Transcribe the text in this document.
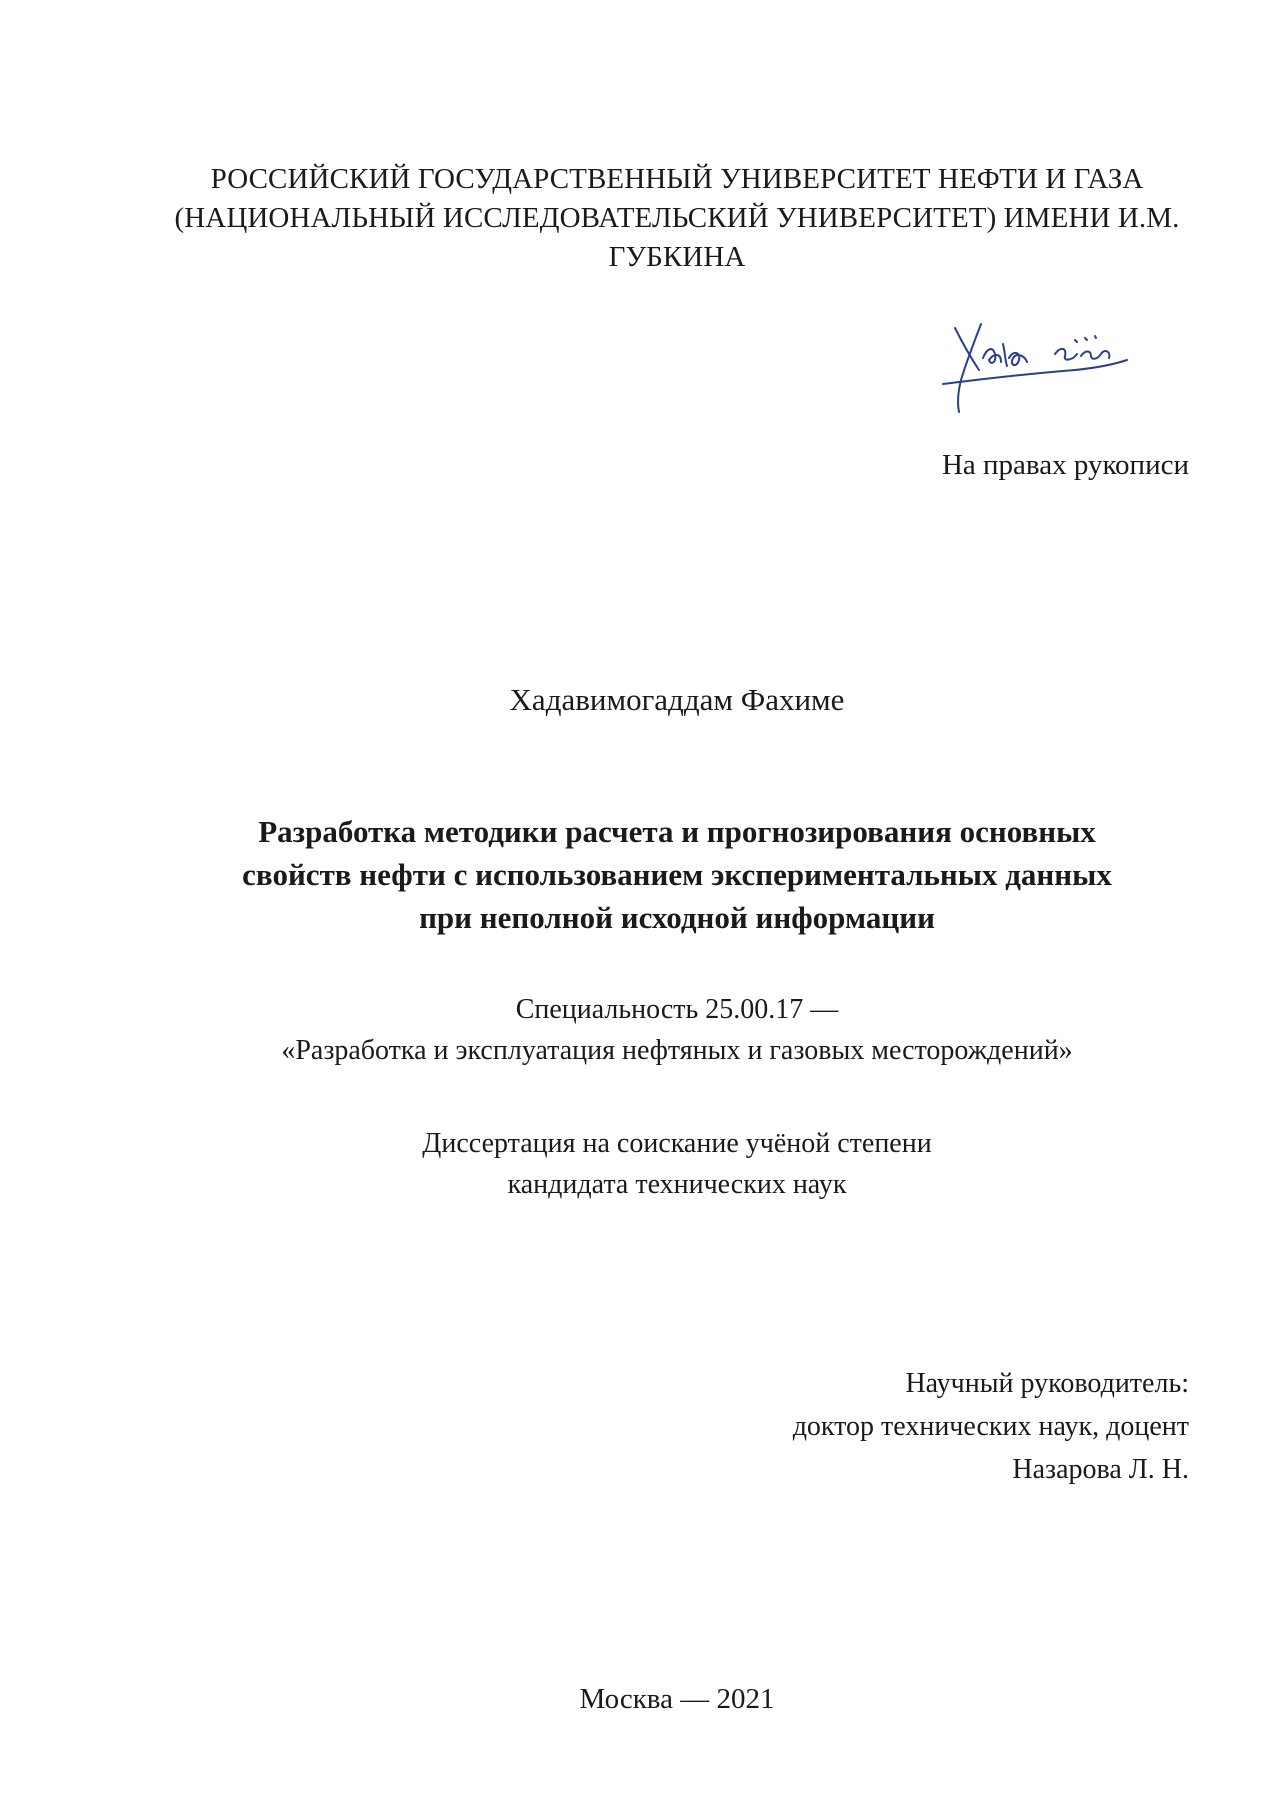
РОССИЙСКИЙ ГОСУДАРСТВЕННЫЙ УНИВЕРСИТЕТ НЕФТИ И ГАЗА
(НАЦИОНАЛЬНЫЙ ИССЛЕДОВАТЕЛЬСКИЙ УНИВЕРСИТЕТ) ИМЕНИ И.М.
ГУБКИНА
На правах рукописи
Хадавимогаддам Фахиме
Разработка методики расчета и прогнозирования основных
свойств нефти с использованием экспериментальных данных
при неполной исходной информации
Специальность 25.00.17 —
«Разработка и эксплуатация нефтяных и газовых месторождений»
Диссертация на соискание учёной степени
кандидата технических наук
Научный руководитель:
доктор технических наук, доцент
Назарова Л. Н.
Москва — 2021
